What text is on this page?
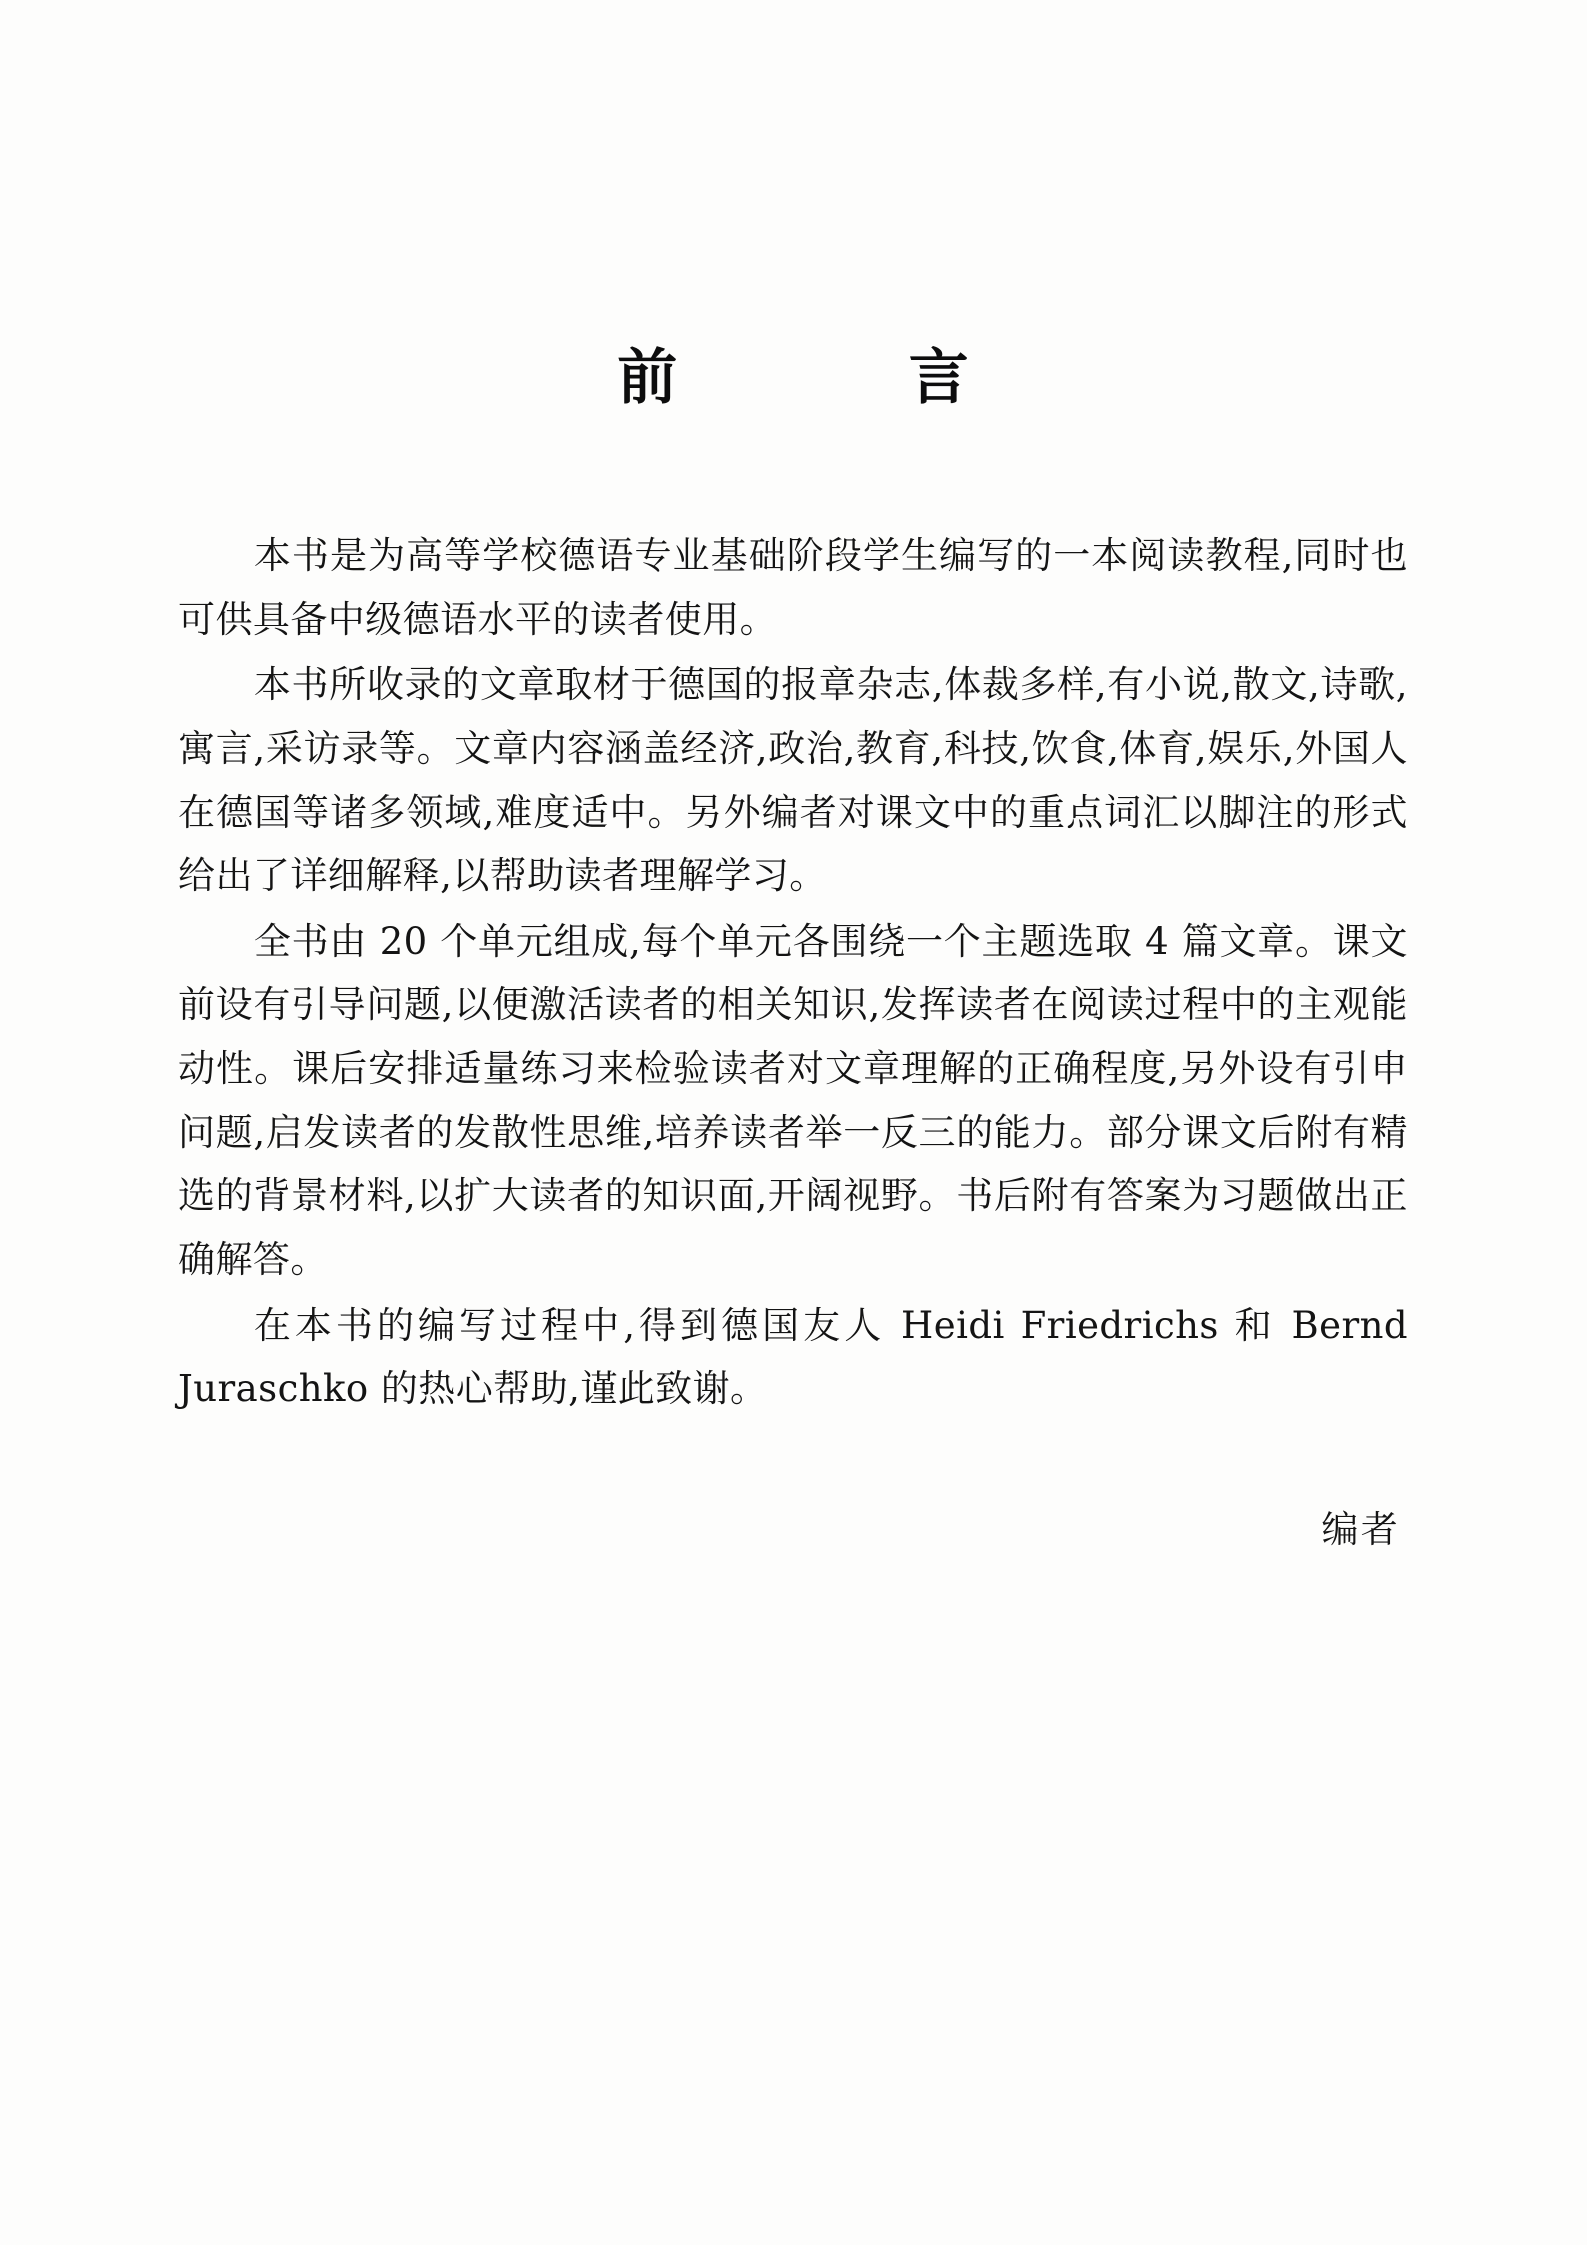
前　　言

本书是为高等学校德语专业基础阶段学生编写的一本阅读教程,同时也可供具备中级德语水平的读者使用。

本书所收录的文章取材于德国的报章杂志,体裁多样,有小说,散文,诗歌,寓言,采访录等。文章内容涵盖经济,政治,教育,科技,饮食,体育,娱乐,外国人在德国等诸多领域,难度适中。另外编者对课文中的重点词汇以脚注的形式给出了详细解释,以帮助读者理解学习。

全书由 20 个单元组成,每个单元各围绕一个主题选取 4 篇文章。课文前设有引导问题,以便激活读者的相关知识,发挥读者在阅读过程中的主观能动性。课后安排适量练习来检验读者对文章理解的正确程度,另外设有引申问题,启发读者的发散性思维,培养读者举一反三的能力。部分课文后附有精选的背景材料,以扩大读者的知识面,开阔视野。书后附有答案为习题做出正确解答。

在本书的编写过程中,得到德国友人 Heidi Friedrichs 和 Bernd Juraschko 的热心帮助,谨此致谢。

编者
